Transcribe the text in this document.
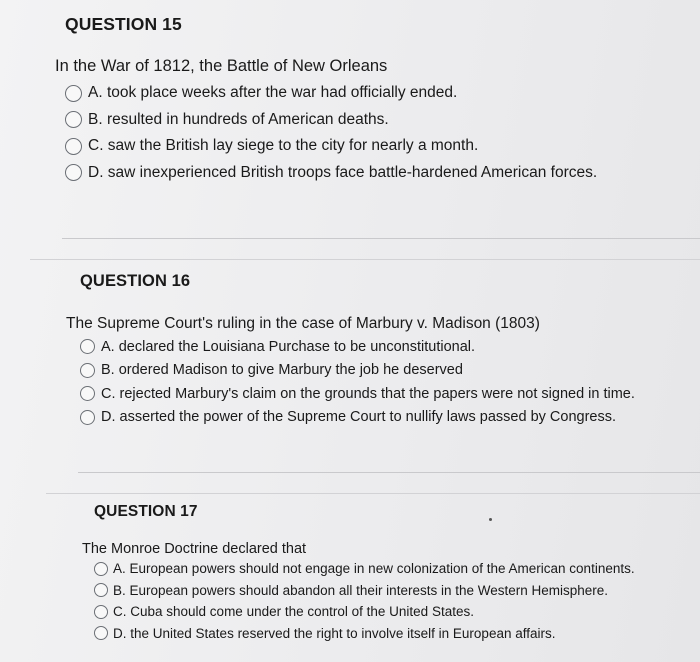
QUESTION 15

In the War of 1812, the Battle of New Orleans

A. took place weeks after the war had officially ended.
B. resulted in hundreds of American deaths.
C. saw the British lay siege to the city for nearly a month.
D. saw inexperienced British troops face battle-hardened American forces.
QUESTION 16

The Supreme Court's ruling in the case of Marbury v. Madison (1803)

A. declared the Louisiana Purchase to be unconstitutional.
B. ordered Madison to give Marbury the job he deserved
C. rejected Marbury's claim on the grounds that the papers were not signed in time.
D. asserted the power of the Supreme Court to nullify laws passed by Congress.
QUESTION 17

The Monroe Doctrine declared that

A. European powers should not engage in new colonization of the American continents.
B. European powers should abandon all their interests in the Western Hemisphere.
C. Cuba should come under the control of the United States.
D. the United States reserved the right to involve itself in European affairs.
